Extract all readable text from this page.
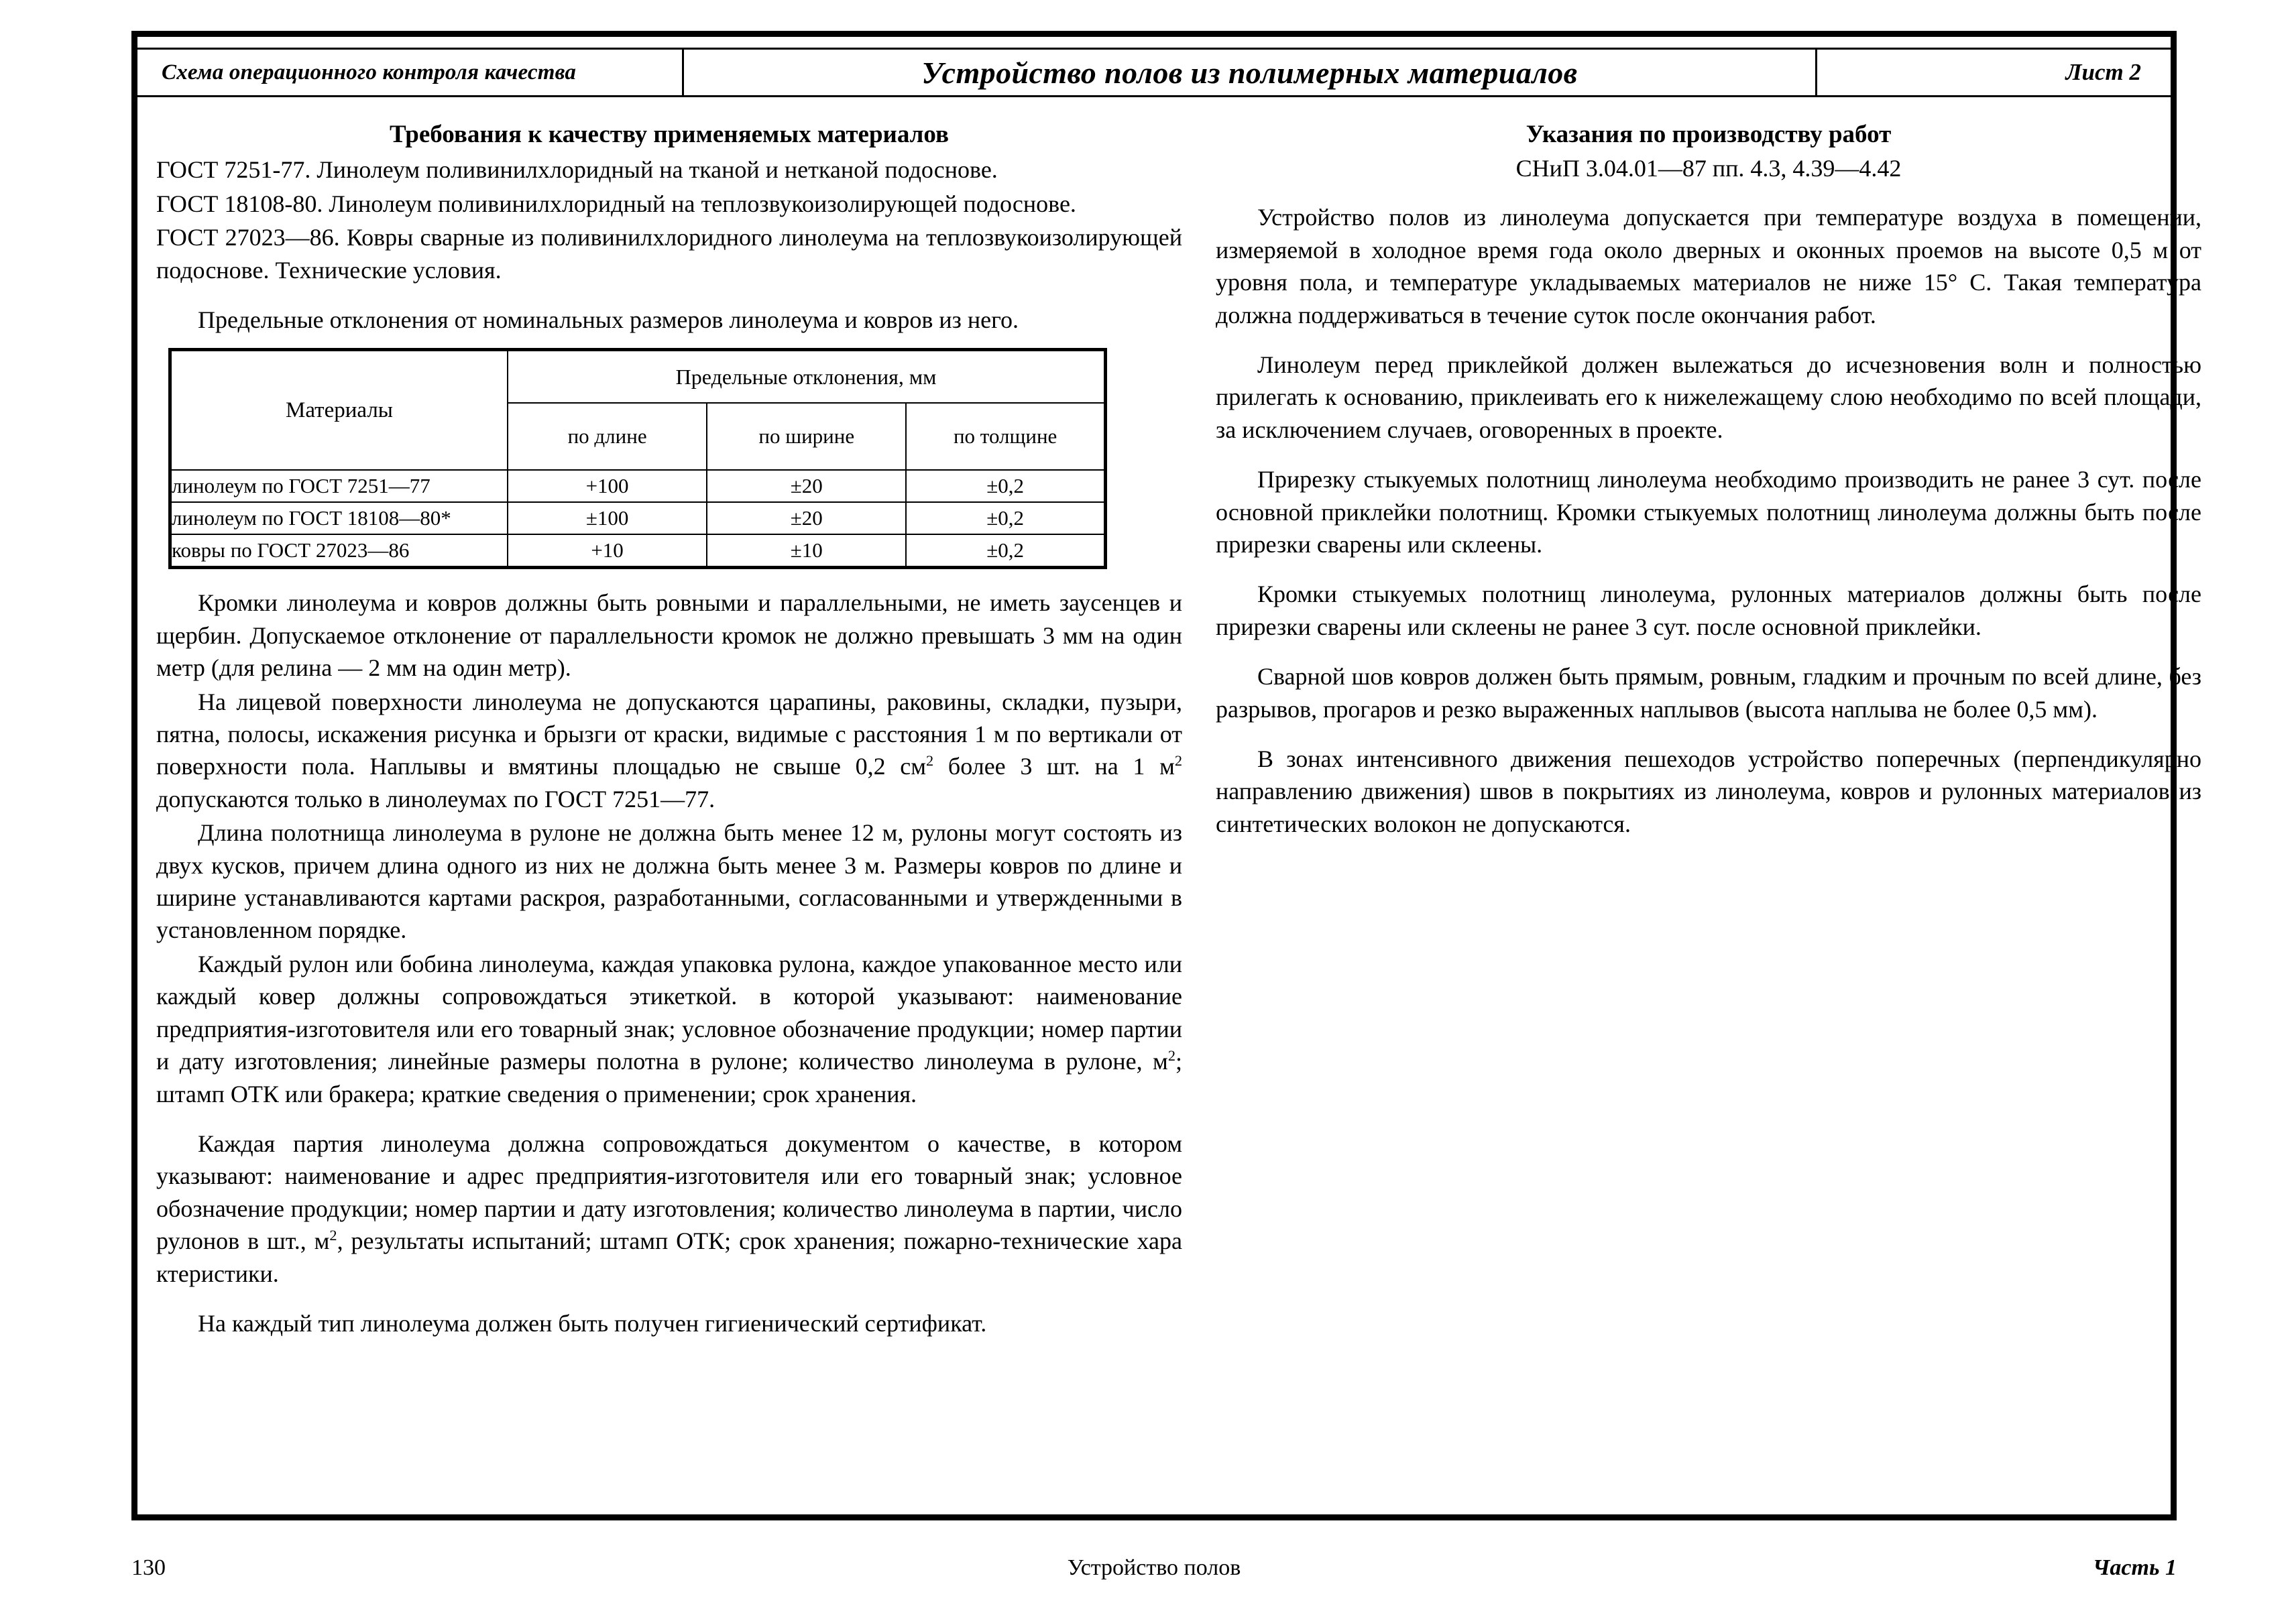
Схема операционного контроля качества	Устройство полов из полимерных материалов	Лист 2
Требования к качеству применяемых материалов

ГОСТ 7251-77. Линолеум поливинилхлоридный на тканой и нетканой подоснове.

ГОСТ 18108-80. Линолеум поливинилхлоридный на теплозвукоизолирующей подоснове.

ГОСТ 27023—86. Ковры сварные из поливинилхлоридного линолеума на теплозвукоизолирующей подоснове. Технические условия.

Предельные отклонения от номинальных размеров линолеума и ковров из него.

Материалы	Предельные отклонения, мм		
	по длине	по ширине	по толщине
линолеум по ГОСТ 7251—77	+100	±20	±0,2
линолеум по ГОСТ 18108—80*	±100	±20	±0,2
ковры по ГОСТ 27023—86	+10	±10	±0,2

Кромки линолеума и ковров должны быть ровными и параллельными, не иметь заусенцев и щербин. Допускаемое отклонение от параллельности кромок не должно превышать 3 мм на один метр (для релина — 2 мм на один метр).

На лицевой поверхности линолеума не допускаются царапины, раковины, складки, пузыри, пятна, полосы, искажения рисунка и брызги от краски, видимые с расстояния 1 м по вертикали от поверхности пола. Наплывы и вмятины площадью не свыше 0,2 $см^2$ более 3 шт. на 1 $м^2$ допускаются только в линолеумах по ГОСТ 7251—77.

Длина полотнища линолеума в рулоне не должна быть менее 12 м, рулоны могут состоять из двух кусков, причем длина одного из них не должна быть менее 3 м. Размеры ковров по длине и ширине устанавливаются картами раскроя, разработанными, согласованными и утвержденными в установленном порядке.

Каждый рулон или бобина линолеума, каждая упаковка рулона, каждое упакованное место или каждый ковер должны сопровождаться этикеткой. в которой указывают: наименование предприятия-изготовителя или его товарный знак; условное обозначение продукции; номер партии и дату изготовления; линейные размеры полотна в рулоне; количество линолеума в рулоне, $м^2$; штамп ОТК или бракера; краткие сведения о применении; срок хранения.

Каждая партия линолеума должна сопровождаться документом о качестве, в котором указывают: наименование и адрес предприятия-изготовителя или его товарный знак; условное обозначение продукции; номер партии и дату изготовления; количество линолеума в партии, число рулонов в шт., $м^2$, результаты испытаний; штамп ОТК; срок хранения; пожарно-технические хара ктеристики.

На каждый тип линолеума должен быть получен гигиенический сертификат.

Указания по производству работ
СНиП 3.04.01—87 пп. 4.3, 4.39—4.42

Устройство полов из линолеума допускается при температуре воздуха в помещении, измеряемой в холодное время года около дверных и оконных проемов на высоте 0,5 м от уровня пола, и температуре укладываемых материалов не ниже 15° С. Такая температура должна поддерживаться в течение суток после окончания работ.

Линолеум перед приклейкой должен вылежаться до исчезновения волн и полностью прилегать к основанию, приклеивать его к нижележащему слою необходимо по всей площади, за исключением случаев, оговоренных в проекте.

Прирезку стыкуемых полотнищ линолеума необходимо производить не ранее 3 сут. после основной приклейки полотнищ. Кромки стыкуемых полотнищ линолеума должны быть после прирезки сварены или склеены.

Кромки стыкуемых полотнищ линолеума, рулонных материалов должны быть после прирезки сварены или склеены не ранее 3 сут. после основной приклейки.

Сварной шов ковров должен быть прямым, ровным, гладким и прочным по всей длине, без разрывов, прогаров и резко выраженных наплывов (высота наплыва не более 0,5 мм).

В зонах интенсивного движения пешеходов устройство поперечных (перпендикулярно направлению движения) швов в покрытиях из линолеума, ковров и рулонных материалов из синтетических волокон не допускаются.

130	Устройство полов	Часть 1
